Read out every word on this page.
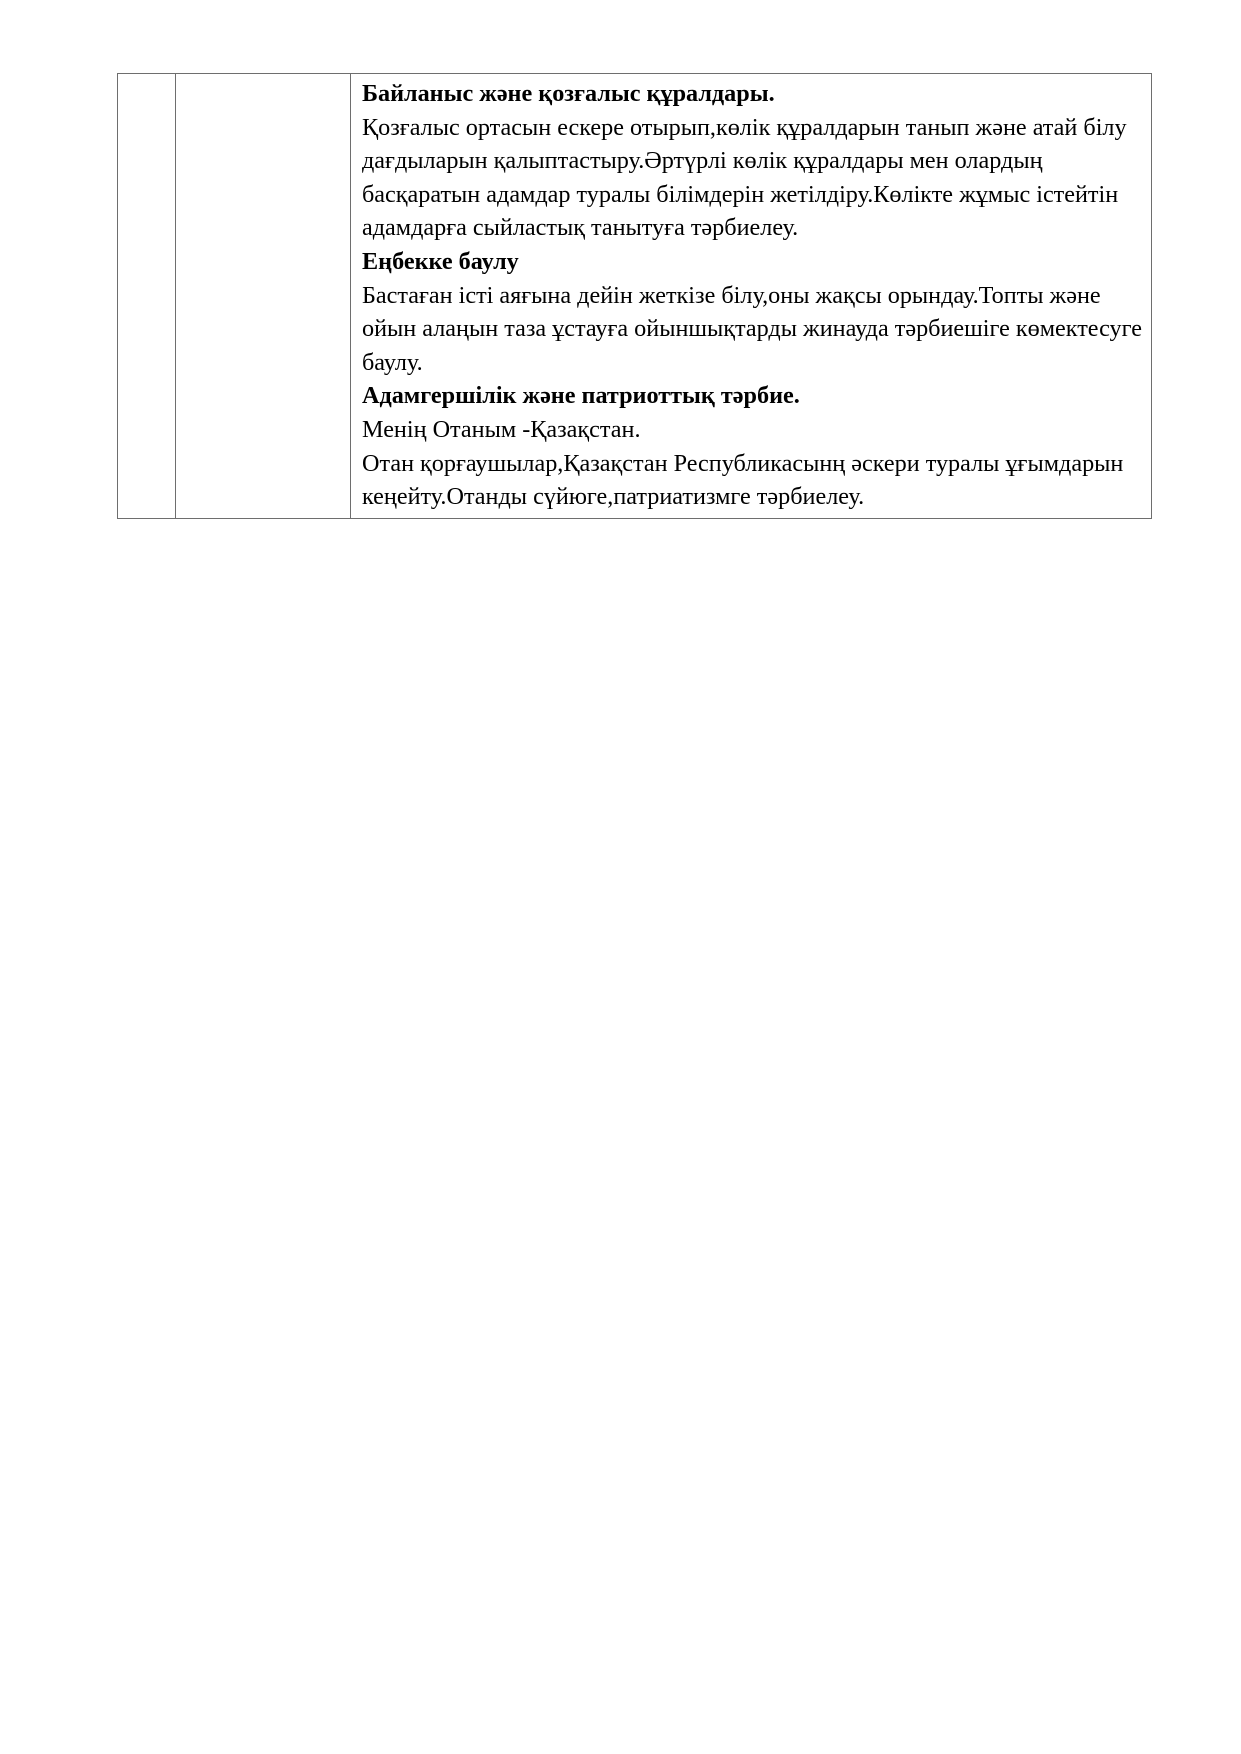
Байланыс және қозғалыс құралдары.
Қозғалыс ортасын ескере отырып,көлік құралдарын танып және атай білу дағдыларын қалыптастыру.Әртүрлі көлік құралдары мен олардың басқаратын адамдар туралы білімдерін жетілдіру.Көлікте жұмыс істейтін адамдарға сыйластық танытуға тәрбиелеу.
Еңбекке баулу
Бастаған істі аяғына дейін жеткізе білу,оны жақсы орындау.Топты және ойын алаңын таза ұстауға ойыншықтарды жинауда тәрбиешіге көмектесуге баулу.
Адамгершілік және патриоттық тәрбие.
Менің Отаным -Қазақстан.
Отан қорғаушылар,Қазақстан Республикасынң әскери туралы ұғымдарын кеңейту.Отанды сүйюге,патриатизмге тәрбиелеу.
